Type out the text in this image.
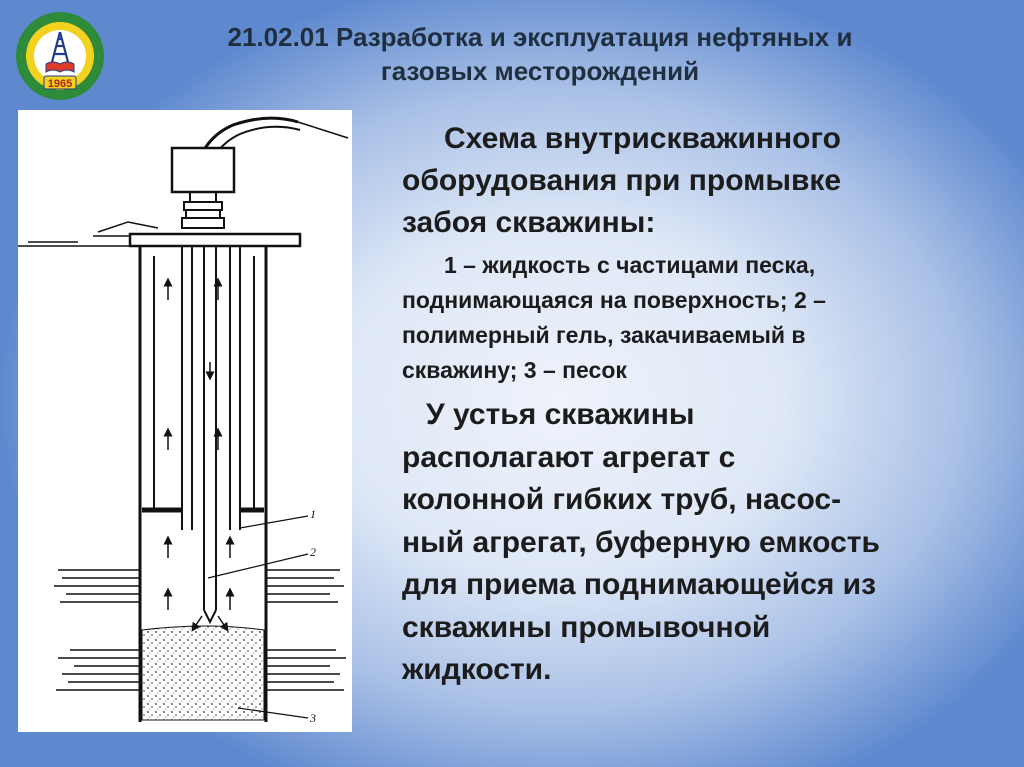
1965
21.02.01 Разработка и эксплуатация нефтяных и
газовых месторождений
1
2
3
Схема внутрискважинного
оборудования при промывке
забоя скважины:
1 – жидкость с частицами песка,
поднимающаяся на поверхность; 2 –
полимерный гель, закачиваемый в
скважину; 3 – песок
У устья скважины
располагают агрегат с
колонной гибких труб, насос-
ный агрегат, буферную емкость
для приема поднимающейся из
скважины промывочной
жидкости.
